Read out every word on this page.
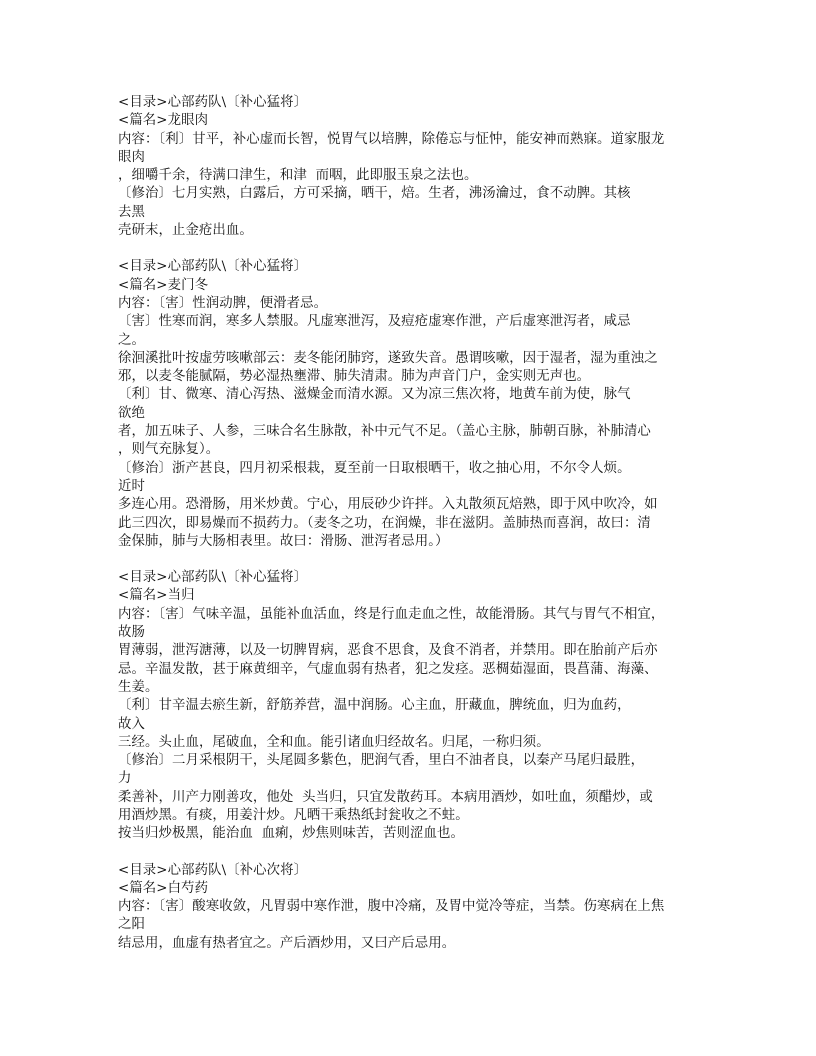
<目录>心部药队\〔补心猛将〕
<篇名>龙眼肉
内容：〔利〕甘平，补心虚而长智，悦胃气以培脾，除倦忘与怔忡，能安神而熟寐。道家服龙
眼肉
，细嚼千余，待满口津生，和津  而咽，此即服玉泉之法也。
〔修治〕七月实熟，白露后，方可采摘，晒干，焙。生者，沸汤瀹过，食不动脾。其核
去黑
壳研末，止金疮出血。
<目录>心部药队\〔补心猛将〕
<篇名>麦门冬
内容：〔害〕性润动脾，便滑者忌。
〔害〕性寒而润，寒多人禁服。凡虚寒泄泻，及痘疮虚寒作泄，产后虚寒泄泻者，咸忌
之。
徐洄溪批叶按虚劳咳嗽部云：麦冬能闭肺窍，遂致失音。愚谓咳嗽，因于湿者，湿为重浊之
邪，以麦冬能腻隔，势必湿热壅滞、肺失清肃。肺为声音门户，金实则无声也。
〔利〕甘、微寒、清心泻热、滋燥金而清水源。又为凉三焦次将，地黄车前为使，脉气
欲绝
者，加五味子、人参，三味合名生脉散，补中元气不足。（盖心主脉，肺朝百脉，补肺清心
，则气充脉复）。
〔修治〕浙产甚良，四月初采根栽，夏至前一日取根晒干，收之抽心用，不尔令人烦。
近时
多连心用。恐滑肠，用米炒黄。宁心，用辰砂少许拌。入丸散须瓦焙熟，即于风中吹冷，如
此三四次，即易燥而不损药力。（麦冬之功，在润燥，非在滋阴。盖肺热而喜润，故曰：清
金保肺，肺与大肠相表里。故曰：滑肠、泄泻者忌用。）
<目录>心部药队\〔补心猛将〕
<篇名>当归
内容：〔害〕气味辛温，虽能补血活血，终是行血走血之性，故能滑肠。其气与胃气不相宜，
故肠
胃薄弱，泄泻溏薄，以及一切脾胃病，恶食不思食，及食不消者，并禁用。即在胎前产后亦
忌。辛温发散，甚于麻黄细辛，气虚血弱有热者，犯之发痉。恶椆茹湿面，畏菖蒲、海藻、
生姜。
〔利〕甘辛温去瘀生新，舒筋养营，温中润肠。心主血，肝藏血，脾统血，归为血药，
故入
三经。头止血，尾破血，全和血。能引诸血归经故名。归尾，一称归须。
〔修治〕二月采根阴干，头尾圆多紫色，肥润气香，里白不油者良，以秦产马尾归最胜，
力
柔善补，川产力刚善攻，他处  头当归，只宜发散药耳。本病用酒炒，如吐血，须醋炒，或
用酒炒黑。有痰，用姜汁炒。凡晒干乘热纸封瓮收之不蛀。
按当归炒极黑，能治血  血痢，炒焦则味苦，苦则涩血也。
<目录>心部药队\〔补心次将〕
<篇名>白芍药
内容：〔害〕酸寒收敛，凡胃弱中寒作泄，腹中冷痛，及胃中觉冷等症，当禁。伤寒病在上焦
之阳
结忌用，血虚有热者宜之。产后酒炒用，又曰产后忌用。
